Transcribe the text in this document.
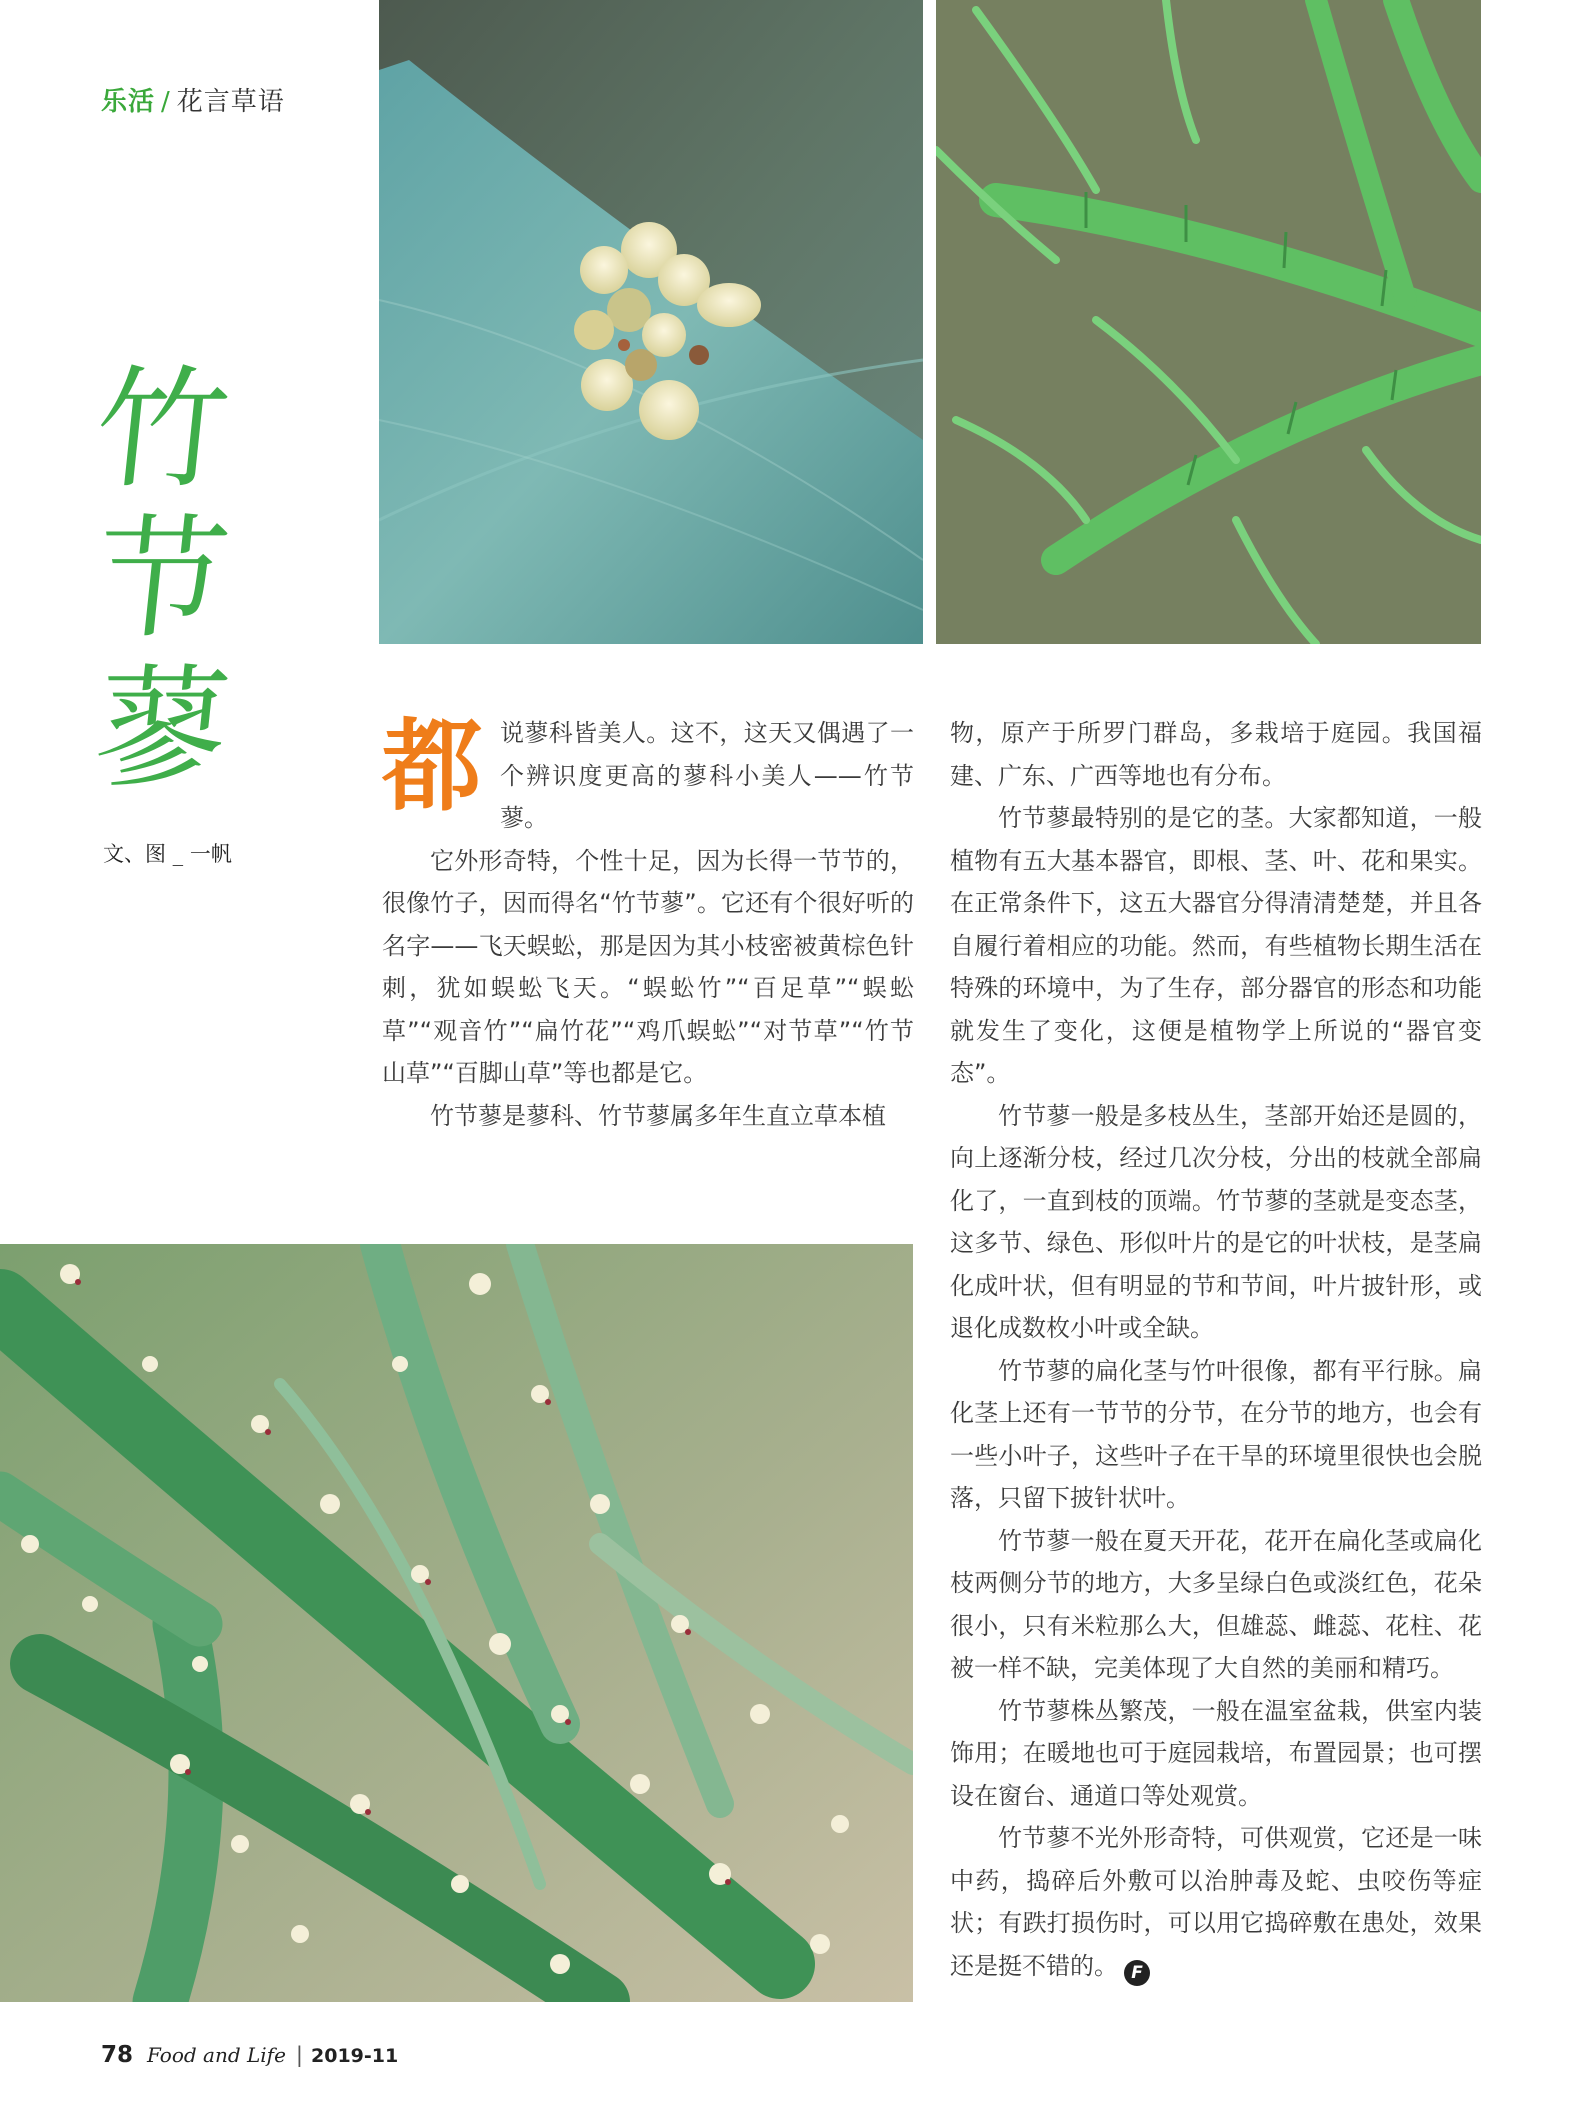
乐活 / 花言草语
竹
节
蓼
文、图 _ 一帆
都 说蓼科皆美人。这不，这天又偶遇了一个辨识度更高的蓼科小美人——竹节蓼。

它外形奇特，个性十足，因为长得一节节的，很像竹子，因而得名“竹节蓼”。它还有个很好听的名字——飞天蜈蚣，那是因为其小枝密被黄棕色针刺，犹如蜈蚣飞天。“蜈蚣竹”“百足草”“蜈蚣草”“观音竹”“扁竹花”“鸡爪蜈蚣”“对节草”“竹节山草”“百脚山草”等也都是它。

竹节蓼是蓼科、竹节蓼属多年生直立草本植

物，原产于所罗门群岛，多栽培于庭园。我国福建、广东、广西等地也有分布。

竹节蓼最特别的是它的茎。大家都知道，一般植物有五大基本器官，即根、茎、叶、花和果实。在正常条件下，这五大器官分得清清楚楚，并且各自履行着相应的功能。然而，有些植物长期生活在特殊的环境中，为了生存，部分器官的形态和功能就发生了变化，这便是植物学上所说的“器官变态”。

竹节蓼一般是多枝丛生，茎部开始还是圆的，向上逐渐分枝，经过几次分枝，分出的枝就全部扁化了，一直到枝的顶端。竹节蓼的茎就是变态茎，这多节、绿色、形似叶片的是它的叶状枝，是茎扁化成叶状，但有明显的节和节间，叶片披针形，或退化成数枚小叶或全缺。

竹节蓼的扁化茎与竹叶很像，都有平行脉。扁化茎上还有一节节的分节，在分节的地方，也会有一些小叶子，这些叶子在干旱的环境里很快也会脱落，只留下披针状叶。

竹节蓼一般在夏天开花，花开在扁化茎或扁化枝两侧分节的地方，大多呈绿白色或淡红色，花朵很小，只有米粒那么大，但雄蕊、雌蕊、花柱、花被一样不缺，完美体现了大自然的美丽和精巧。

竹节蓼株丛繁茂，一般在温室盆栽，供室内装饰用；在暖地也可于庭园栽培，布置园景；也可摆设在窗台、通道口等处观赏。

竹节蓼不光外形奇特，可供观赏，它还是一味中药，捣碎后外敷可以治肿毒及蛇、虫咬伤等症状；有跌打损伤时，可以用它捣碎敷在患处，效果还是挺不错的。 F

78 Food and Life | 2019-11
